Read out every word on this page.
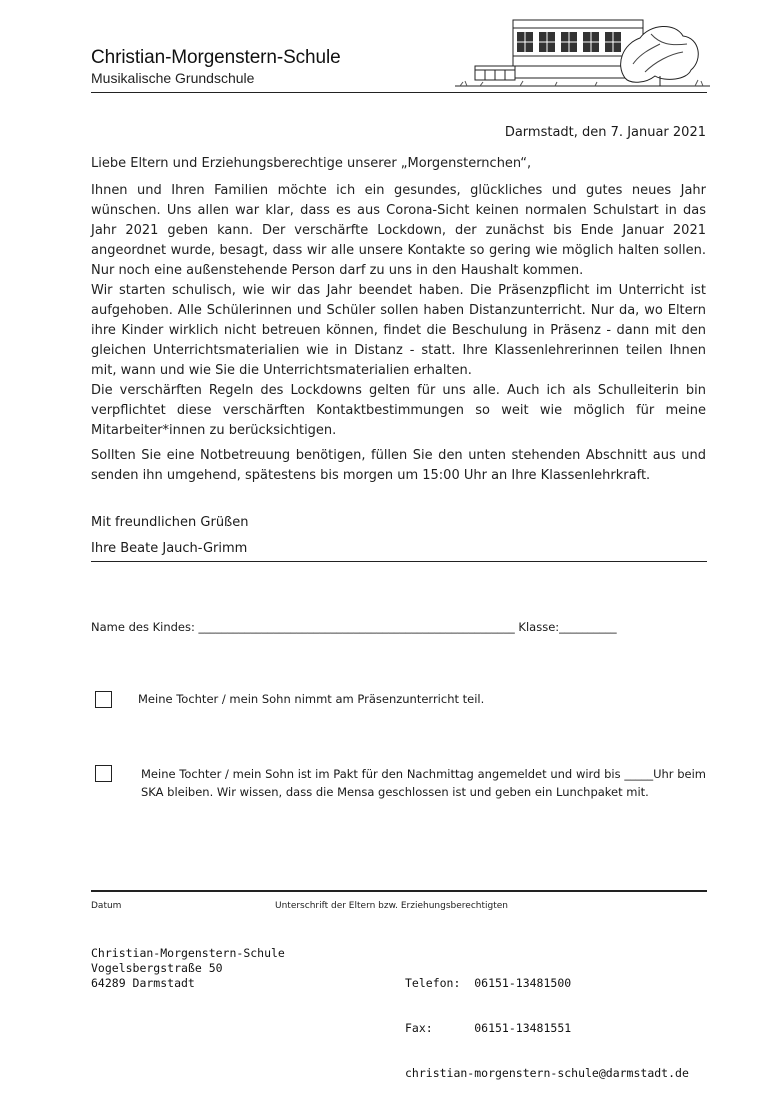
Christian-Morgenstern-Schule
Musikalische Grundschule
Darmstadt, den 7. Januar 2021

Liebe Eltern und Erziehungsberechtige unserer „Morgensternchen“,

Ihnen und Ihren Familien möchte ich ein gesundes, glückliches und gutes neues Jahr wünschen. Uns allen war klar, dass es aus Corona-Sicht keinen normalen Schulstart in das Jahr 2021 geben kann. Der verschärfte Lockdown, der zunächst bis Ende Januar 2021 angeordnet wurde, besagt, dass wir alle unsere Kontakte so gering wie möglich halten sollen. Nur noch eine außenstehende Person darf zu uns in den Haushalt kommen.

Wir starten schulisch, wie wir das Jahr beendet haben. Die Präsenzpflicht im Unterricht ist aufgehoben. Alle Schülerinnen und Schüler sollen haben Distanzunterricht. Nur da, wo Eltern ihre Kinder wirklich nicht betreuen können, findet die Beschulung in Präsenz - dann mit den gleichen Unterrichtsmaterialien wie in Distanz - statt. Ihre Klassenlehrerinnen teilen Ihnen mit, wann und wie Sie die Unterrichtsmaterialien erhalten.

Die verschärften Regeln des Lockdowns gelten für uns alle. Auch ich als Schulleiterin bin verpflichtet diese verschärften Kontaktbestimmungen so weit wie möglich für meine Mitarbeiter*innen zu berücksichtigen.

Sollten Sie eine Notbetreuung benötigen, füllen Sie den unten stehenden Abschnitt aus und senden ihn umgehend, spätestens bis morgen um 15:00 Uhr an Ihre Klassenlehrkraft.

Mit freundlichen Grüßen
Ihre Beate Jauch-Grimm
Name des Kindes: _______________________________________________________ Klasse:__________
Meine Tochter / mein Sohn nimmt am Präsenzunterricht teil.
Meine Tochter / mein Sohn ist im Pakt für den Nachmittag angemeldet und wird bis _____Uhr beim SKA bleiben. Wir wissen, dass die Mensa geschlossen ist und geben ein Lunchpaket mit.
Datum	Unterschrift der Eltern bzw. Erziehungsberechtigten
Christian-Morgenstern-Schule
Vogelsbergstraße 50
64289 Darmstadt

	Telefon:  06151-13481500

Fax:      06151-13481551

christian-morgenstern-schule@darmstadt.de
